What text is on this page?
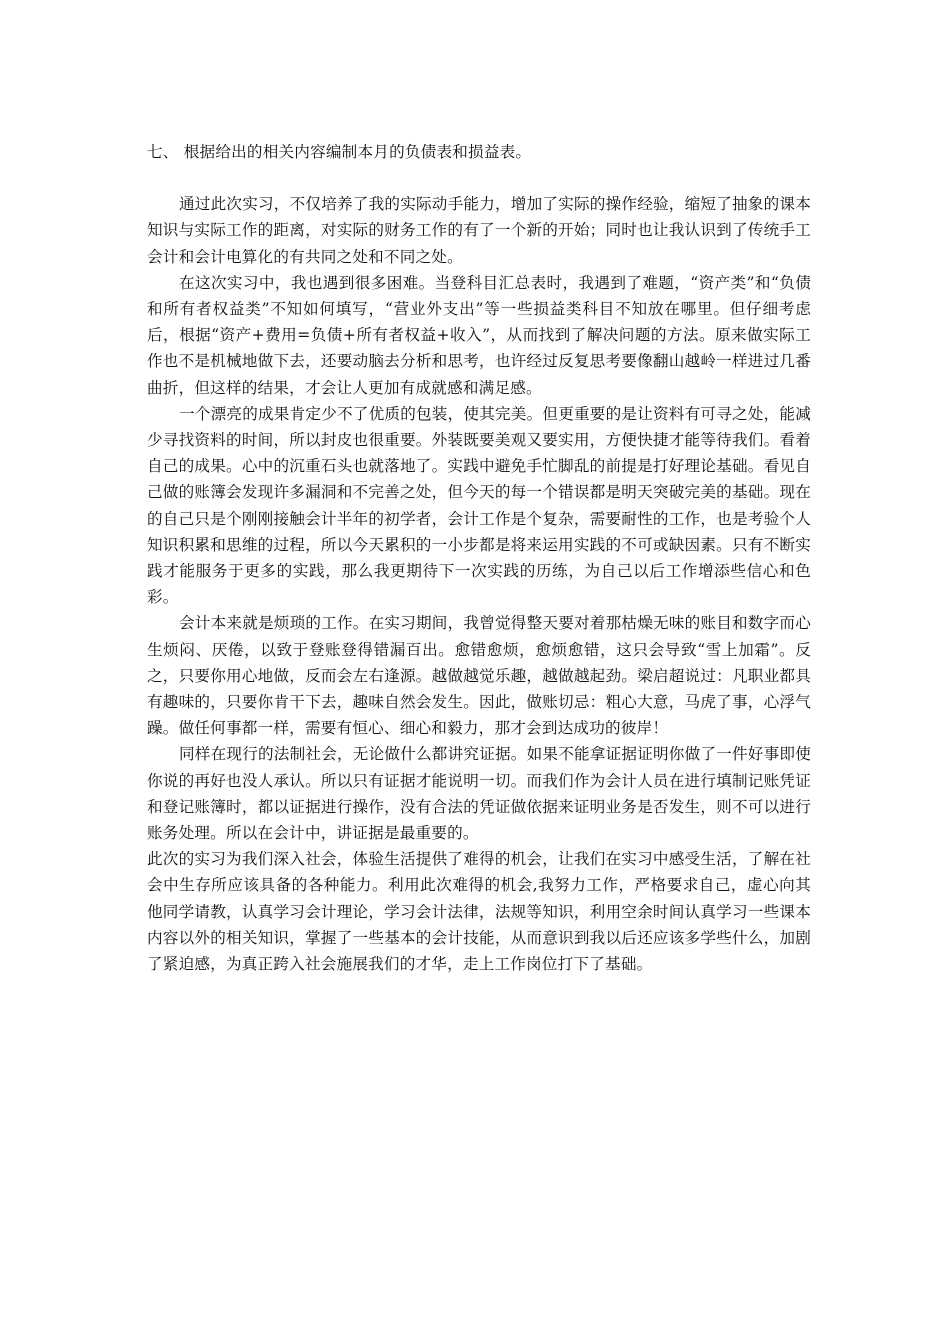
七、 根据给出的相关内容编制本月的负债表和损益表。

通过此次实习，不仅培养了我的实际动手能力，增加了实际的操作经验，缩短了抽象的课本知识与实际工作的距离，对实际的财务工作的有了一个新的开始；同时也让我认识到了传统手工会计和会计电算化的有共同之处和不同之处。

在这次实习中，我也遇到很多困难。当登科目汇总表时，我遇到了难题，“资产类”和“负债和所有者权益类”不知如何填写，“营业外支出”等一些损益类科目不知放在哪里。但仔细考虑后，根据“资产+费用=负债+所有者权益+收入”，从而找到了解决问题的方法。原来做实际工作也不是机械地做下去，还要动脑去分析和思考，也许经过反复思考要像翻山越岭一样进过几番曲折，但这样的结果，才会让人更加有成就感和满足感。

一个漂亮的成果肯定少不了优质的包装，使其完美。但更重要的是让资料有可寻之处，能减少寻找资料的时间，所以封皮也很重要。外装既要美观又要实用，方便快捷才能等待我们。看着自己的成果。心中的沉重石头也就落地了。实践中避免手忙脚乱的前提是打好理论基础。看见自己做的账簿会发现许多漏洞和不完善之处，但今天的每一个错误都是明天突破完美的基础。现在的自己只是个刚刚接触会计半年的初学者，会计工作是个复杂，需要耐性的工作，也是考验个人知识积累和思维的过程，所以今天累积的一小步都是将来运用实践的不可或缺因素。只有不断实践才能服务于更多的实践，那么我更期待下一次实践的历练，为自己以后工作增添些信心和色彩。

会计本来就是烦琐的工作。在实习期间，我曾觉得整天要对着那枯燥无味的账目和数字而心生烦闷、厌倦，以致于登账登得错漏百出。愈错愈烦，愈烦愈错，这只会导致“雪上加霜”。反之，只要你用心地做，反而会左右逢源。越做越觉乐趣，越做越起劲。梁启超说过：凡职业都具有趣味的，只要你肯干下去，趣味自然会发生。因此，做账切忌：粗心大意，马虎了事，心浮气躁。做任何事都一样，需要有恒心、细心和毅力，那才会到达成功的彼岸！

同样在现行的法制社会，无论做什么都讲究证据。如果不能拿证据证明你做了一件好事即使你说的再好也没人承认。所以只有证据才能说明一切。而我们作为会计人员在进行填制记账凭证和登记账簿时，都以证据进行操作，没有合法的凭证做依据来证明业务是否发生，则不可以进行账务处理。所以在会计中，讲证据是最重要的。

此次的实习为我们深入社会，体验生活提供了难得的机会，让我们在实习中感受生活，了解在社会中生存所应该具备的各种能力。利用此次难得的机会,我努力工作，严格要求自己，虚心向其他同学请教，认真学习会计理论，学习会计法律，法规等知识，利用空余时间认真学习一些课本内容以外的相关知识，掌握了一些基本的会计技能，从而意识到我以后还应该多学些什么，加剧了紧迫感，为真正跨入社会施展我们的才华，走上工作岗位打下了基础。
